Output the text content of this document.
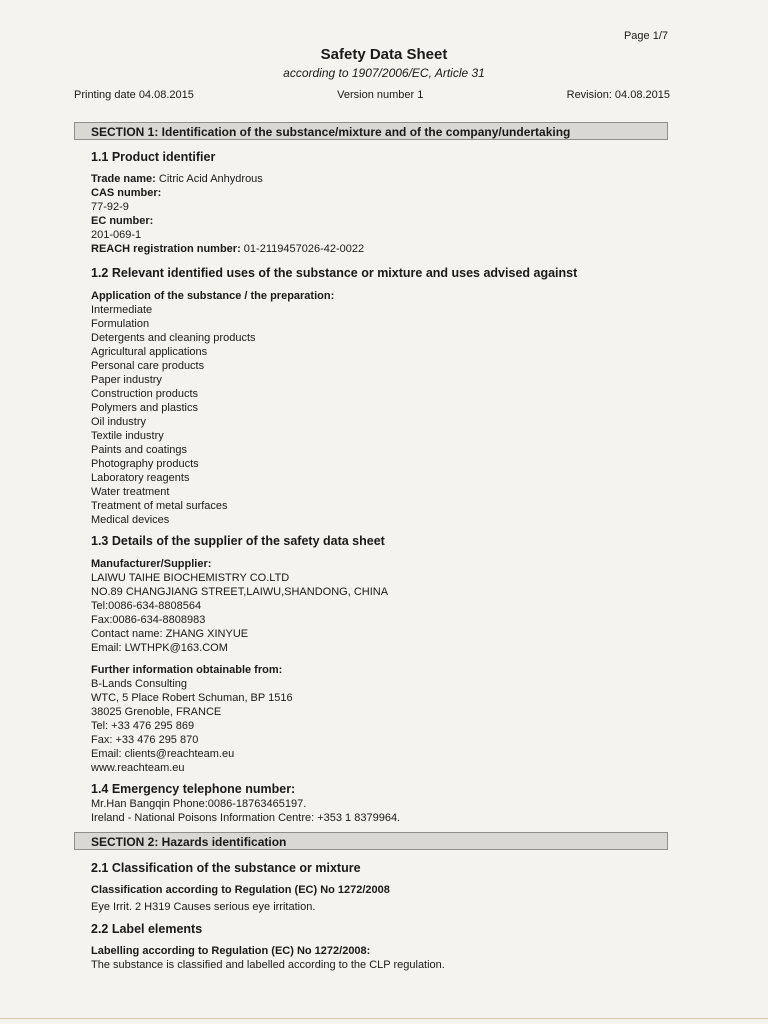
Page 1/7
Safety Data Sheet
according to 1907/2006/EC, Article 31
Printing date 04.08.2015	Version number 1	Revision: 04.08.2015
SECTION 1: Identification of the substance/mixture and of the company/undertaking
1.1 Product identifier
Trade name: Citric Acid Anhydrous
CAS number:
77-92-9
EC number:
201-069-1
REACH registration number: 01-2119457026-42-0022
1.2 Relevant identified uses of the substance or mixture and uses advised against
Application of the substance / the preparation:
Intermediate
Formulation
Detergents and cleaning products
Agricultural applications
Personal care products
Paper industry
Construction products
Polymers and plastics
Oil industry
Textile industry
Paints and coatings
Photography products
Laboratory reagents
Water treatment
Treatment of metal surfaces
Medical devices
1.3 Details of the supplier of the safety data sheet
Manufacturer/Supplier:
LAIWU TAIHE BIOCHEMISTRY CO.LTD
NO.89 CHANGJIANG STREET,LAIWU,SHANDONG, CHINA
Tel:0086-634-8808564
Fax:0086-634-8808983
Contact name: ZHANG XINYUE
Email: LWTHPK@163.COM
Further information obtainable from:
B-Lands Consulting
WTC, 5 Place Robert Schuman, BP 1516
38025 Grenoble, FRANCE
Tel: +33 476 295 869
Fax: +33 476 295 870
Email: clients@reachteam.eu
www.reachteam.eu
1.4 Emergency telephone number:
Mr.Han Bangqin Phone:0086-18763465197.
Ireland - National Poisons Information Centre: +353 1 8379964.
SECTION 2: Hazards identification
2.1 Classification of the substance or mixture
Classification according to Regulation (EC) No 1272/2008
Eye Irrit. 2 H319 Causes serious eye irritation.
2.2 Label elements
Labelling according to Regulation (EC) No 1272/2008:
The substance is classified and labelled according to the CLP regulation.
